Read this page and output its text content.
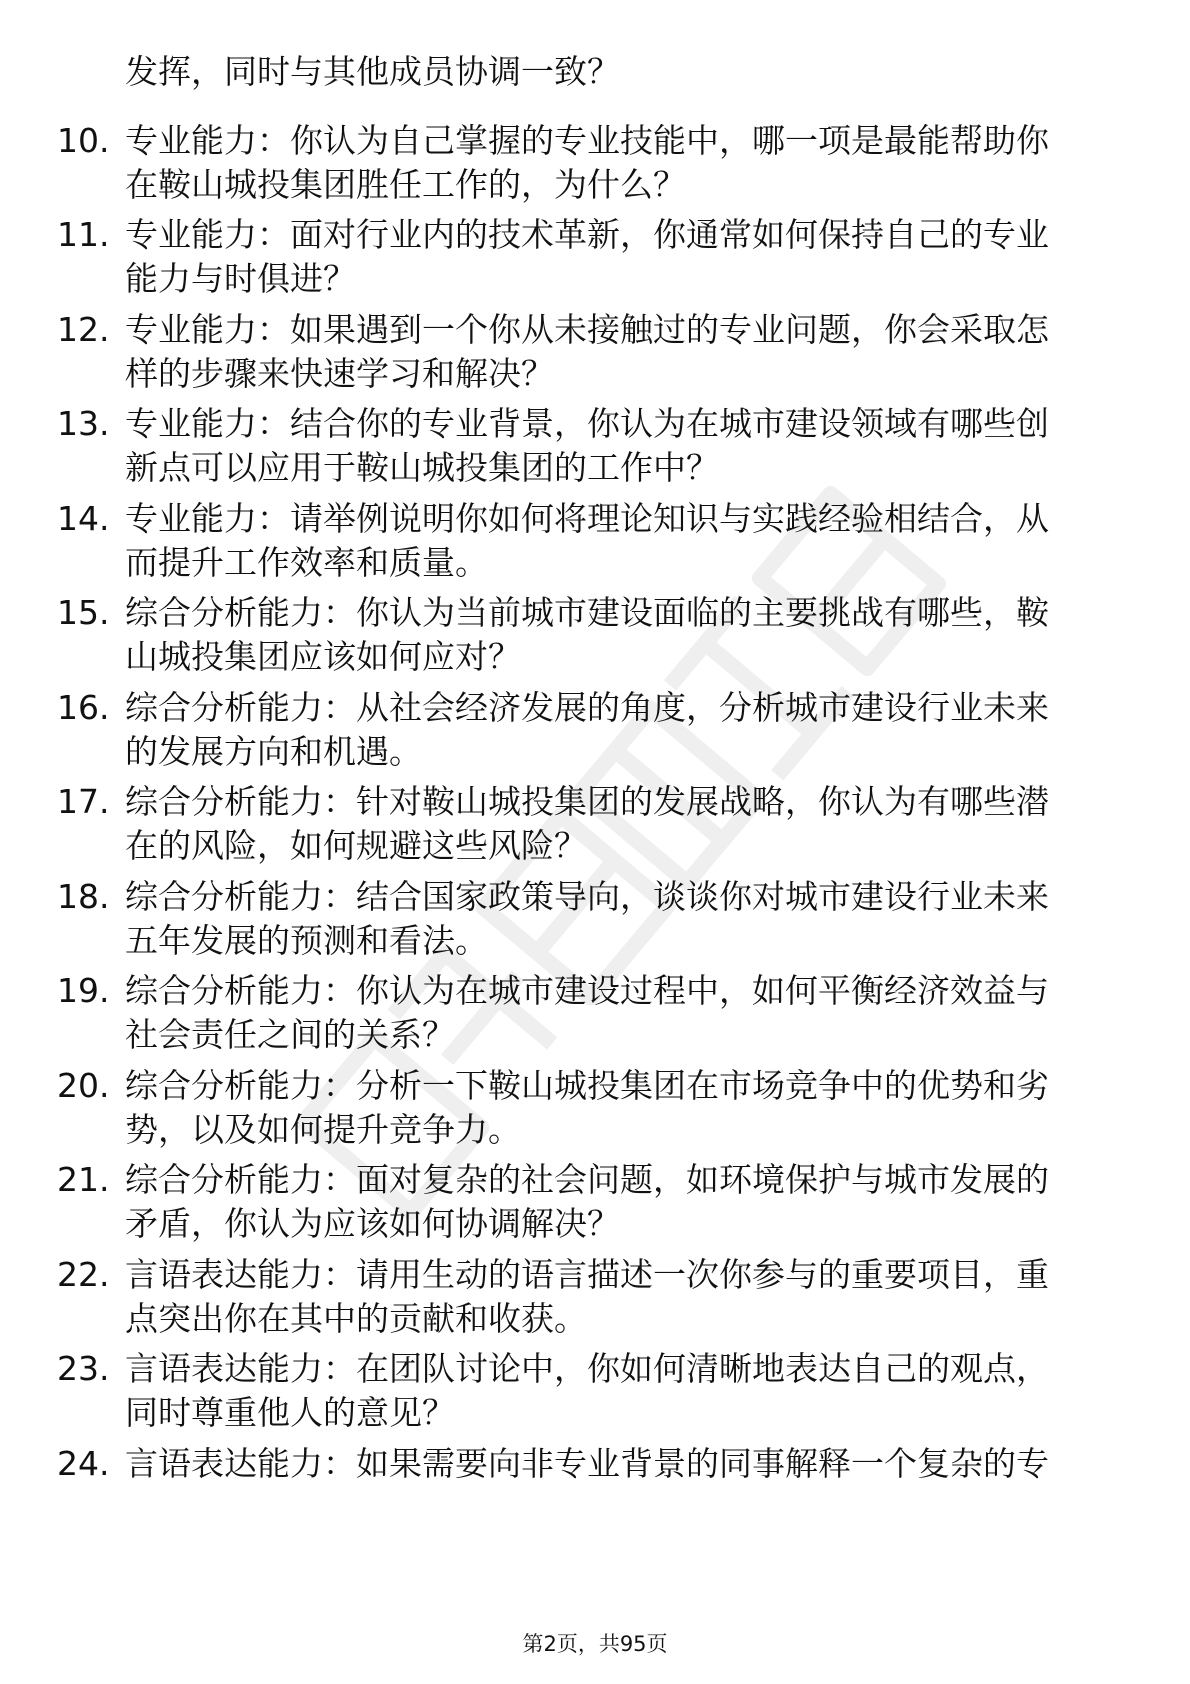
发挥，同时与其他成员协调一致？
10. 专业能力：你认为自己掌握的专业技能中，哪一项是最能帮助你
在鞍山城投集团胜任工作的，为什么？
11. 专业能力：面对行业内的技术革新，你通常如何保持自己的专业
能力与时俱进？
12. 专业能力：如果遇到一个你从未接触过的专业问题，你会采取怎
样的步骤来快速学习和解决？
13. 专业能力：结合你的专业背景，你认为在城市建设领域有哪些创
新点可以应用于鞍山城投集团的工作中？
14. 专业能力：请举例说明你如何将理论知识与实践经验相结合，从
而提升工作效率和质量。
15. 综合分析能力：你认为当前城市建设面临的主要挑战有哪些，鞍
山城投集团应该如何应对？
16. 综合分析能力：从社会经济发展的角度，分析城市建设行业未来
的发展方向和机遇。
17. 综合分析能力：针对鞍山城投集团的发展战略，你认为有哪些潜
在的风险，如何规避这些风险？
18. 综合分析能力：结合国家政策导向，谈谈你对城市建设行业未来
五年发展的预测和看法。
19. 综合分析能力：你认为在城市建设过程中，如何平衡经济效益与
社会责任之间的关系？
20. 综合分析能力：分析一下鞍山城投集团在市场竞争中的优势和劣
势，以及如何提升竞争力。
21. 综合分析能力：面对复杂的社会问题，如环境保护与城市发展的
矛盾，你认为应该如何协调解决？
22. 言语表达能力：请用生动的语言描述一次你参与的重要项目，重
点突出你在其中的贡献和收获。
23. 言语表达能力：在团队讨论中，你如何清晰地表达自己的观点，
同时尊重他人的意见？
24. 言语表达能力：如果需要向非专业背景的同事解释一个复杂的专
第2页，共95页
